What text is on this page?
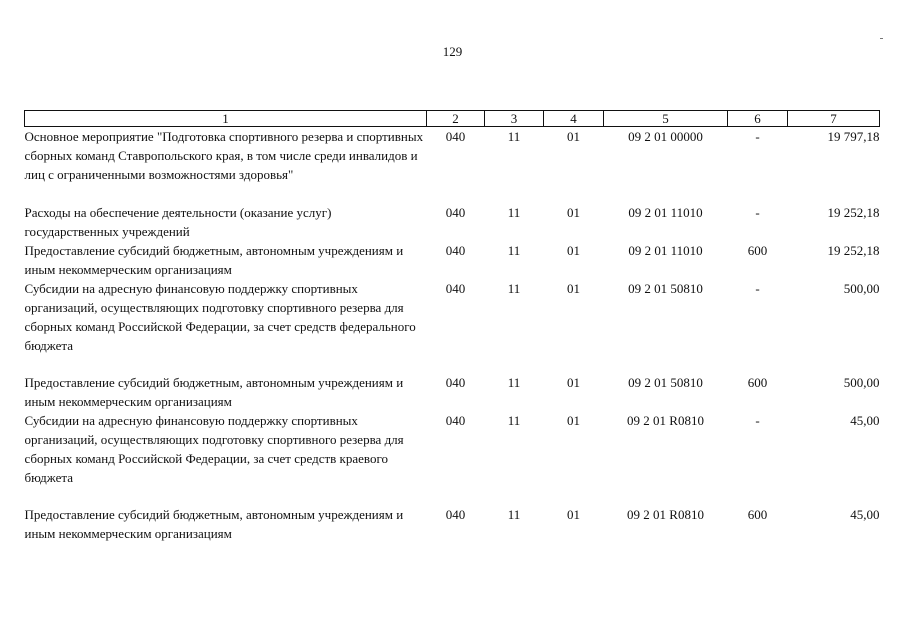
129
1	2	3	4	5	6	7
Основное мероприятие "Подготовка спортивного резерва и спортивных сборных команд Ставропольского края, в том числе среди инвалидов и лиц с ограниченными возможностями здоровья"	040	11	01	09 2 01 00000	-	19 797,18
Расходы на обеспечение деятельности (оказание услуг) государственных учреждений	040	11	01	09 2 01 11010	-	19 252,18
Предоставление субсидий бюджетным, автономным учреждениям и иным некоммерческим организациям	040	11	01	09 2 01 11010	600	19 252,18
Субсидии на адресную финансовую поддержку спортивных организаций, осуществляющих подготовку спортивного резерва для сборных команд Российской Федерации, за счет средств федерального бюджета	040	11	01	09 2 01 50810	-	500,00
Предоставление субсидий бюджетным, автономным учреждениям и иным некоммерческим организациям	040	11	01	09 2 01 50810	600	500,00
Субсидии на адресную финансовую поддержку спортивных организаций, осуществляющих подготовку спортивного резерва для сборных команд Российской Федерации, за счет средств краевого бюджета	040	11	01	09 2 01 R0810	-	45,00
Предоставление субсидий бюджетным, автономным учреждениям и иным некоммерческим организациям	040	11	01	09 2 01 R0810	600	45,00
